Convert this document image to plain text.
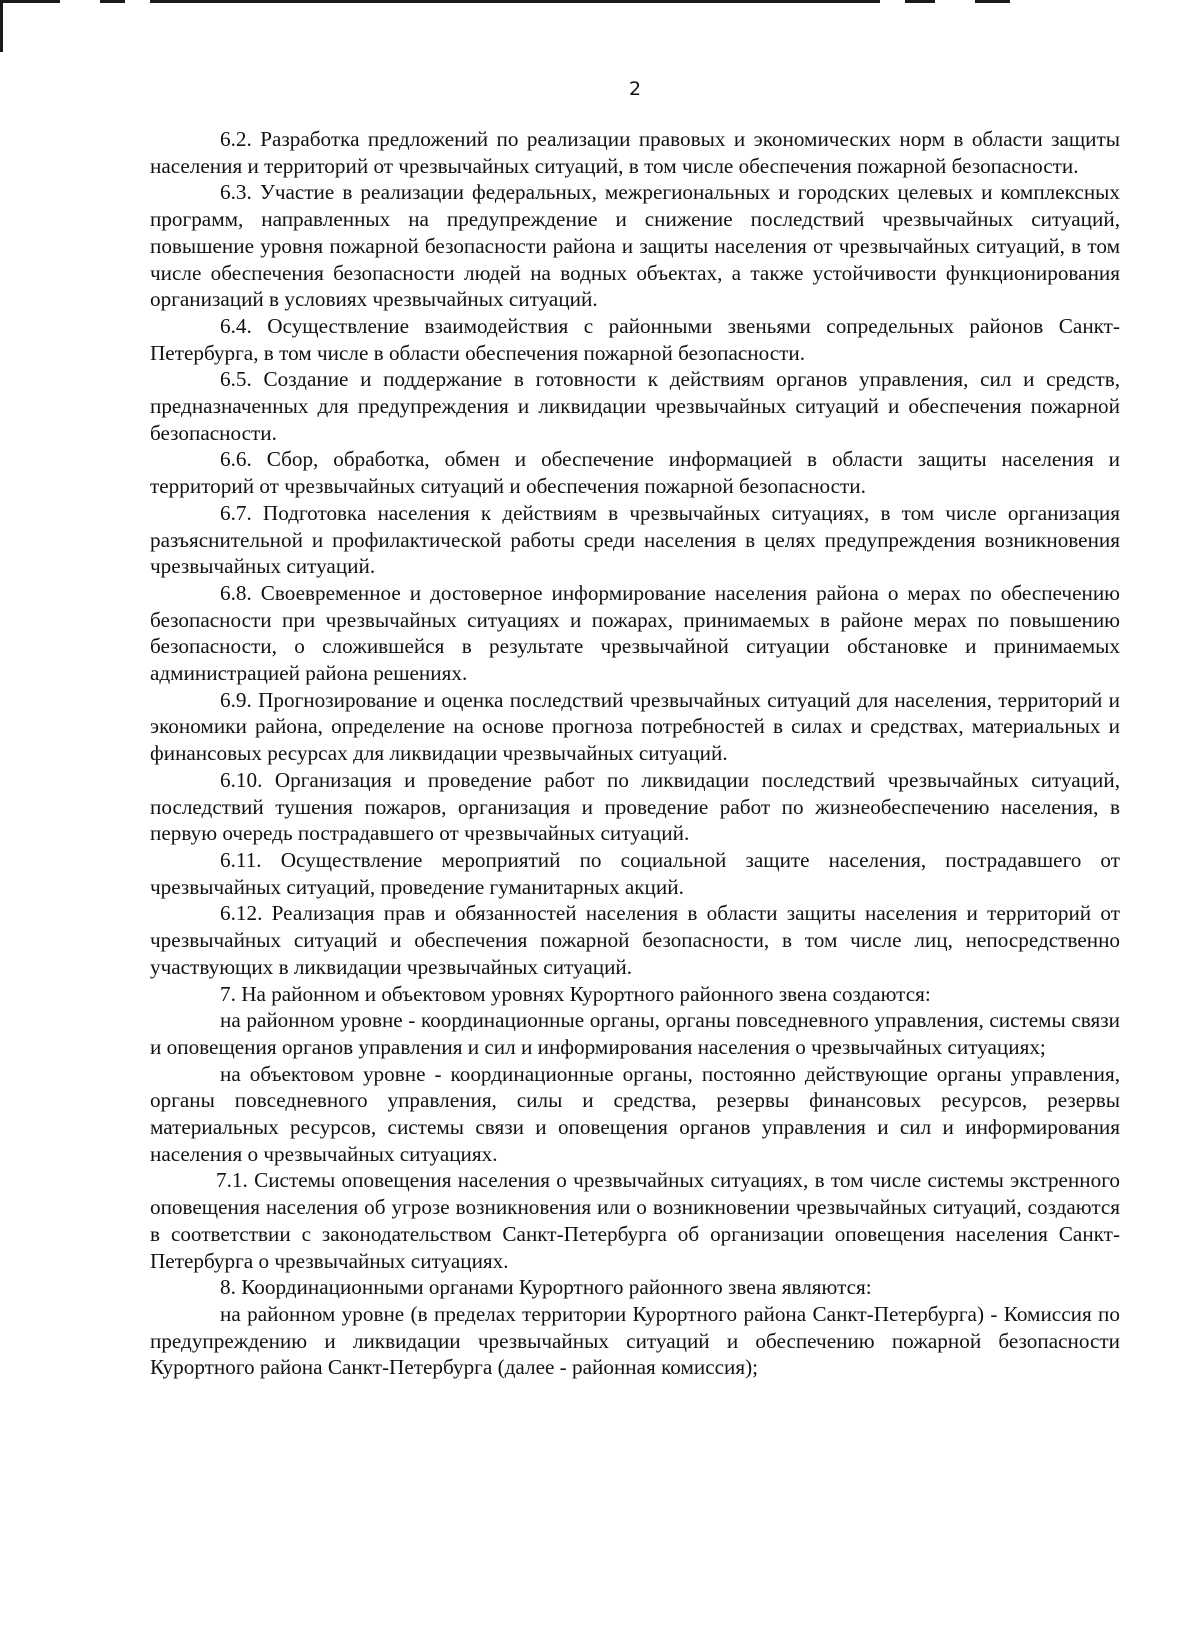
2

6.2. Разработка предложений по реализации правовых и экономических норм в области защиты населения и территорий от чрезвычайных ситуаций, в том числе обеспечения пожарной безопасности.

6.3. Участие в реализации федеральных, межрегиональных и городских целевых и комплексных программ, направленных на предупреждение и снижение последствий чрезвычайных ситуаций, повышение уровня пожарной безопасности района и защиты населения от чрезвычайных ситуаций, в том числе обеспечения безопасности людей на водных объектах, а также устойчивости функционирования организаций в условиях чрезвычайных ситуаций.

6.4. Осуществление взаимодействия с районными звеньями сопредельных районов Санкт-Петербурга, в том числе в области обеспечения пожарной безопасности.

6.5. Создание и поддержание в готовности к действиям органов управления, сил и средств, предназначенных для предупреждения и ликвидации чрезвычайных ситуаций и обеспечения пожарной безопасности.

6.6. Сбор, обработка, обмен и обеспечение информацией в области защиты населения и территорий от чрезвычайных ситуаций и обеспечения пожарной безопасности.

6.7. Подготовка населения к действиям в чрезвычайных ситуациях, в том числе организация разъяснительной и профилактической работы среди населения в целях предупреждения возникновения чрезвычайных ситуаций.

6.8. Своевременное и достоверное информирование населения района о мерах по обеспечению безопасности при чрезвычайных ситуациях и пожарах, принимаемых в районе мерах по повышению безопасности, о сложившейся в результате чрезвычайной ситуации обстановке и принимаемых администрацией района решениях.

6.9. Прогнозирование и оценка последствий чрезвычайных ситуаций для населения, территорий и экономики района, определение на основе прогноза потребностей в силах и средствах, материальных и финансовых ресурсах для ликвидации чрезвычайных ситуаций.

6.10. Организация и проведение работ по ликвидации последствий чрезвычайных ситуаций, последствий тушения пожаров, организация и проведение работ по жизнеобеспечению населения, в первую очередь пострадавшего от чрезвычайных ситуаций.

6.11. Осуществление мероприятий по социальной защите населения, пострадавшего от чрезвычайных ситуаций, проведение гуманитарных акций.

6.12. Реализация прав и обязанностей населения в области защиты населения и территорий от чрезвычайных ситуаций и обеспечения пожарной безопасности, в том числе лиц, непосредственно участвующих в ликвидации чрезвычайных ситуаций.

7. На районном и объектовом уровнях Курортного районного звена создаются:

на районном уровне - координационные органы, органы повседневного управления, системы связи и оповещения органов управления и сил и информирования населения о чрезвычайных ситуациях;

на объектовом уровне - координационные органы, постоянно действующие органы управления, органы повседневного управления, силы и средства, резервы финансовых ресурсов, резервы материальных ресурсов, системы связи и оповещения органов управления и сил и информирования населения о чрезвычайных ситуациях.

7.1. Системы оповещения населения о чрезвычайных ситуациях, в том числе системы экстренного оповещения населения об угрозе возникновения или о возникновении чрезвычайных ситуаций, создаются в соответствии с законодательством Санкт-Петербурга об организации оповещения населения Санкт-Петербурга о чрезвычайных ситуациях.

8. Координационными органами Курортного районного звена являются:

на районном уровне (в пределах территории Курортного района Санкт-Петербурга) - Комиссия по предупреждению и ликвидации чрезвычайных ситуаций и обеспечению пожарной безопасности Курортного района Санкт-Петербурга (далее - районная комиссия);
